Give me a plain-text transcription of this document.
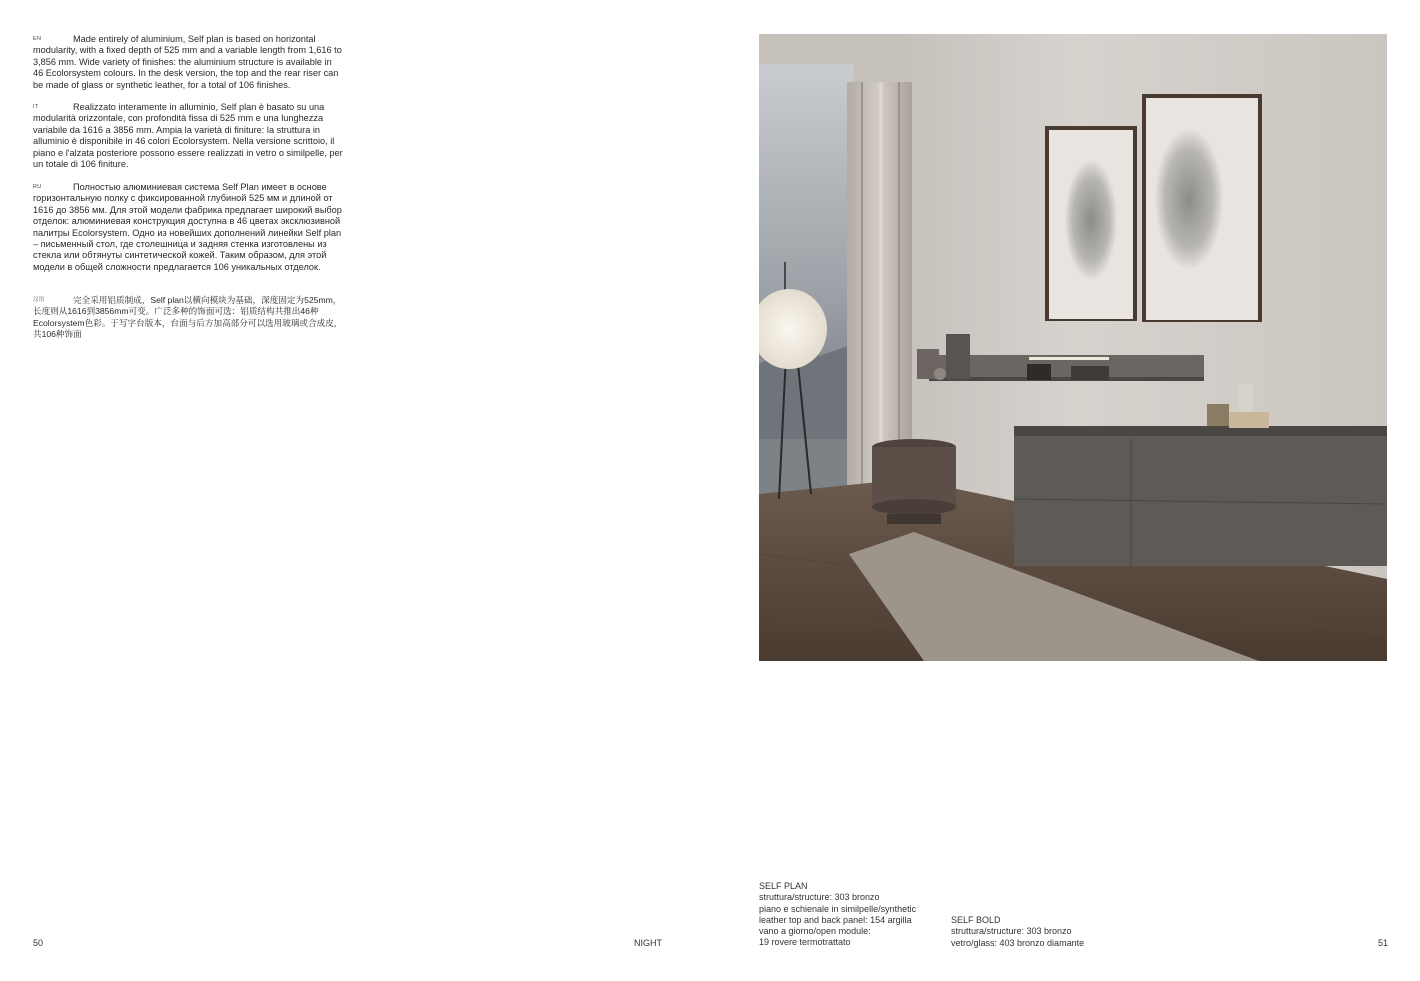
EN	Made entirely of aluminium, Self plan is based on horizontal modularity, with a fixed depth of 525 mm and a variable length from 1,616 to 3,856 mm. Wide variety of finishes: the aluminium structure is available in 46 Ecolorsystem colours. In the desk version, the top and the rear riser can be made of glass or synthetic leather, for a total of 106 finishes.

IT	Realizzato interamente in alluminio, Self plan è basato su una modularità orizzontale, con profondità fissa di 525 mm e una lunghezza variabile da 1616 a 3856 mm. Ampia la varietà di finiture: la struttura in alluminio è disponibile in 46 colori Ecolorsystem. Nella versione scrittoio, il piano e l'alzata posteriore possono essere realizzati in vetro o similpelle, per un totale di 106 finiture.

RU	Полностью алюминиевая система Self Plan имеет в основе горизонтальную полку с фиксированной глубиной 525 мм и длиной от 1616 до 3856 мм. Для этой модели фабрика предлагает широкий выбор отделок: алюминиевая конструкция доступна в 46 цветах эксклюзивной палитры Ecolorsystem. Одно из новейших дополнений линейки Self plan – письменный стол, где столешница и задняя стенка изготовлены из стекла или обтянуты синтетической кожей. Таким образом, для этой модели в общей сложности предлагается 106 уникальных отделок.

汉语	完全采用铝质制成，Self plan以横向模块为基础，深度固定为525mm，长度则从1616到3856mm可变。广泛多种的饰面可选：铝质结构共推出46种Ecolorsystem色彩。于写字台版本，台面与后方加高部分可以选用玻璃或合成皮，共106种饰面

SELF PLAN
struttura/structure: 303 bronzo
piano e schienale in similpelle/synthetic
leather top and back panel: 154 argilla
vano a giorno/open module:
19 rovere termotrattato
SELF BOLD
struttura/structure: 303 bronzo
vetro/glass: 403 bronzo diamante
50	NIGHT	51
